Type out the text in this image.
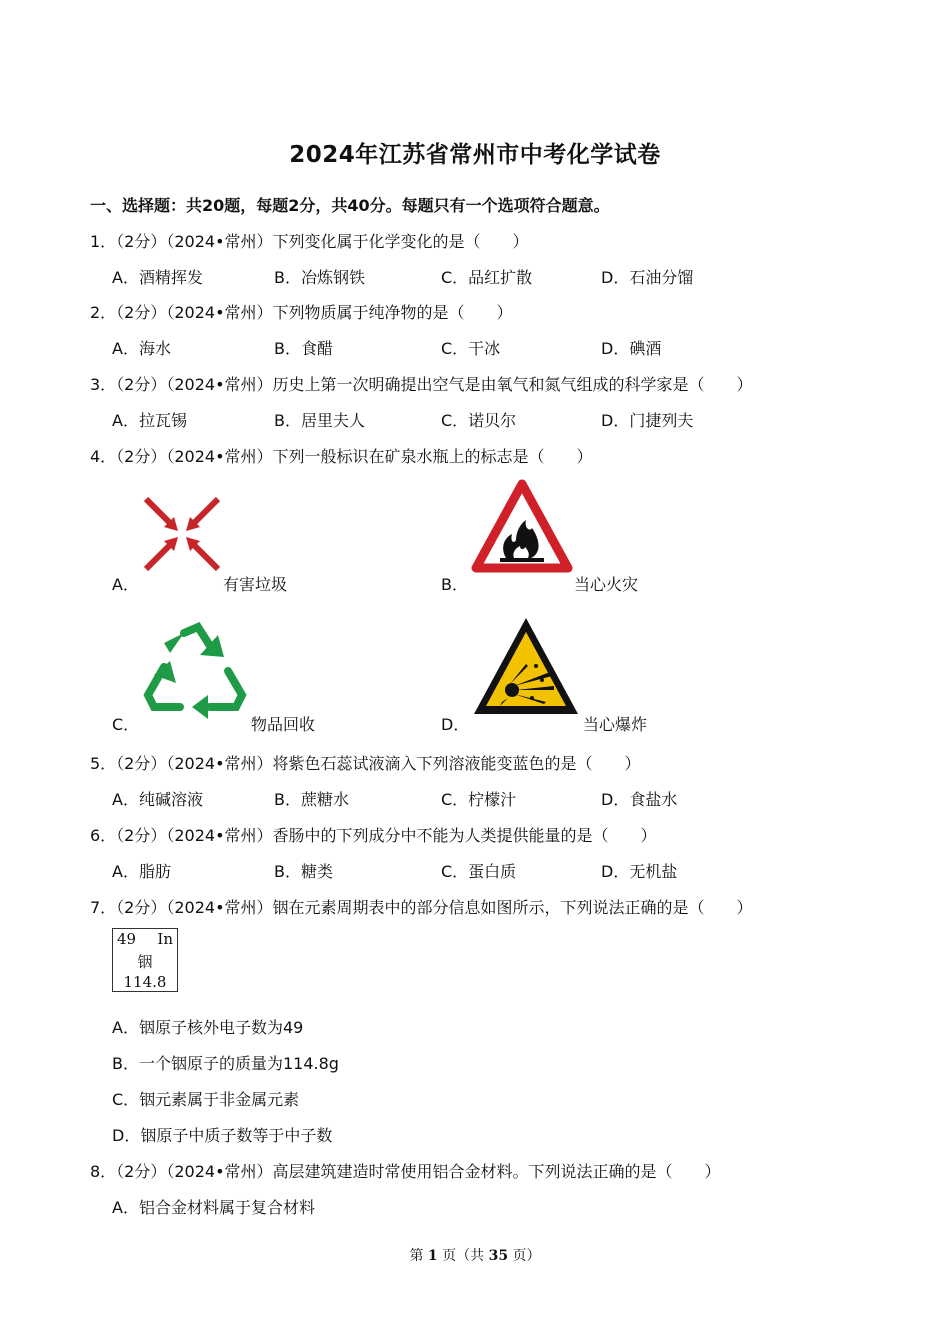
2024年江苏省常州市中考化学试卷
一、选择题：共20题，每题2分，共40分。每题只有一个选项符合题意。
1．（2分）（2024•常州）下列变化属于化学变化的是（　　）
A．酒精挥发	B．冶炼钢铁	C．品红扩散	D．石油分馏
2．（2分）（2024•常州）下列物质属于纯净物的是（　　）
A．海水	B．食醋	C．干冰	D．碘酒
3．（2分）（2024•常州）历史上第一次明确提出空气是由氧气和氮气组成的科学家是（　　）
A．拉瓦锡	B．居里夫人	C．诺贝尔	D．门捷列夫
4．（2分）（2024•常州）下列一般标识在矿泉水瓶上的标志是（　　）
A．	有害垃圾	B．	当心火灾
C．	物品回收	D．	当心爆炸
5．（2分）（2024•常州）将紫色石蕊试液滴入下列溶液能变蓝色的是（　　）
A．纯碱溶液	B．蔗糖水	C．柠檬汁	D．食盐水
6．（2分）（2024•常州）香肠中的下列成分中不能为人类提供能量的是（　　）
A．脂肪	B．糖类	C．蛋白质	D．无机盐
7．（2分）（2024•常州）铟在元素周期表中的部分信息如图所示，下列说法正确的是（　　）
49 In
铟
114.8
A．铟原子核外电子数为49
B．一个铟原子的质量为114.8g
C．铟元素属于非金属元素
D．铟原子中质子数等于中子数
8．（2分）（2024•常州）高层建筑建造时常使用铝合金材料。下列说法正确的是（　　）
A．铝合金材料属于复合材料
第 1 页（共 35 页）
